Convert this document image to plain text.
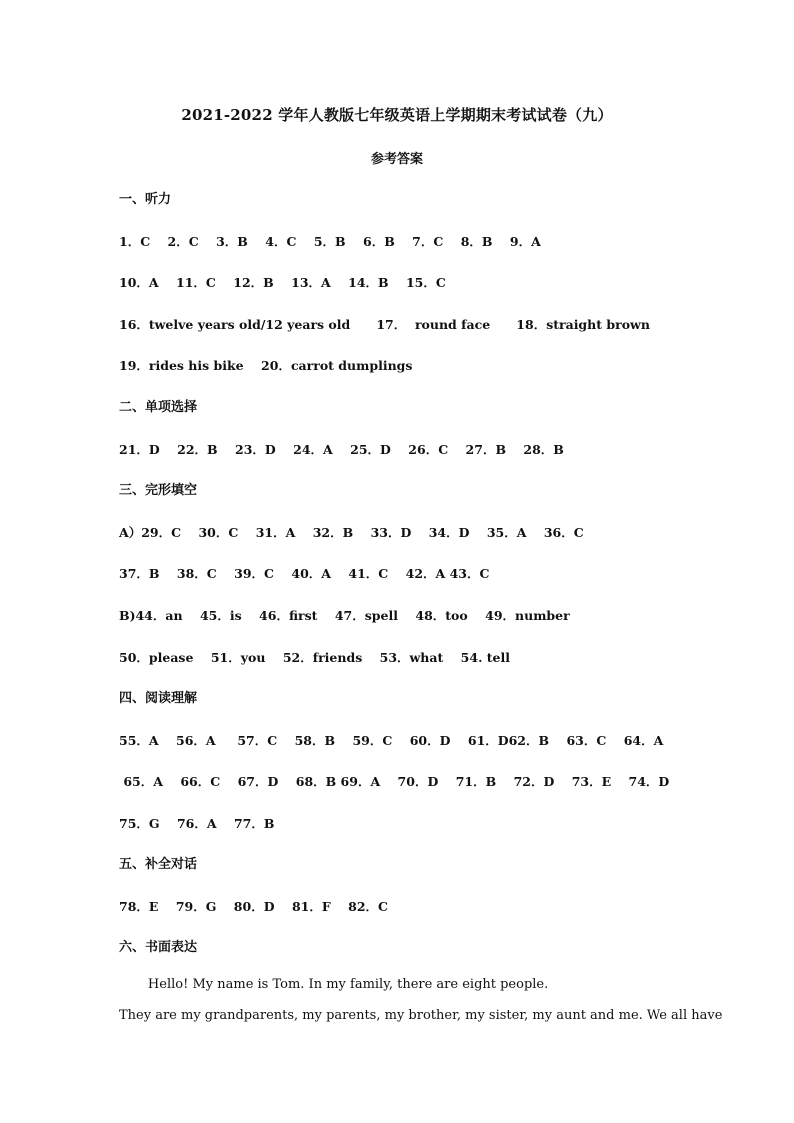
2021-2022 学年人教版七年级英语上学期期末考试试卷（九）
参考答案
一、听力
1．C    2．C    3．B    4．C    5．B    6．B    7．C    8．B    9．A
10．A    11．C    12．B    13．A    14．B    15．C
16．twelve years old/12 years old      17．  round face      18．straight brown
19．rides his bike    20．carrot dumplings
二、单项选择
21．D    22．B    23．D    24．A    25．D    26．C    27．B    28．B
三、完形填空
A）29．C    30．C    31．A    32．B    33．D    34．D    35．A    36．C
37．B    38．C    39．C    40．A    41．C    42．A 43．C
B)44．an    45．is    46．first    47．spell    48．too    49．number
50．please    51．you    52．friends    53．what    54. tell
四、阅读理解
55．A    56．A     57．C    58．B    59．C    60．D    61．D62．B    63．C    64．A
65．A    66．C    67．D    68．B 69．A    70．D    71．B    72．D    73．E    74．D
75．G    76．A    77．B
五、补全对话
78．E    79．G    80．D    81．F    82．C
六、书面表达
Hello! My name is Tom. In my family, there are eight people.
They are my grandparents, my parents, my brother, my sister, my aunt and me. We all have
